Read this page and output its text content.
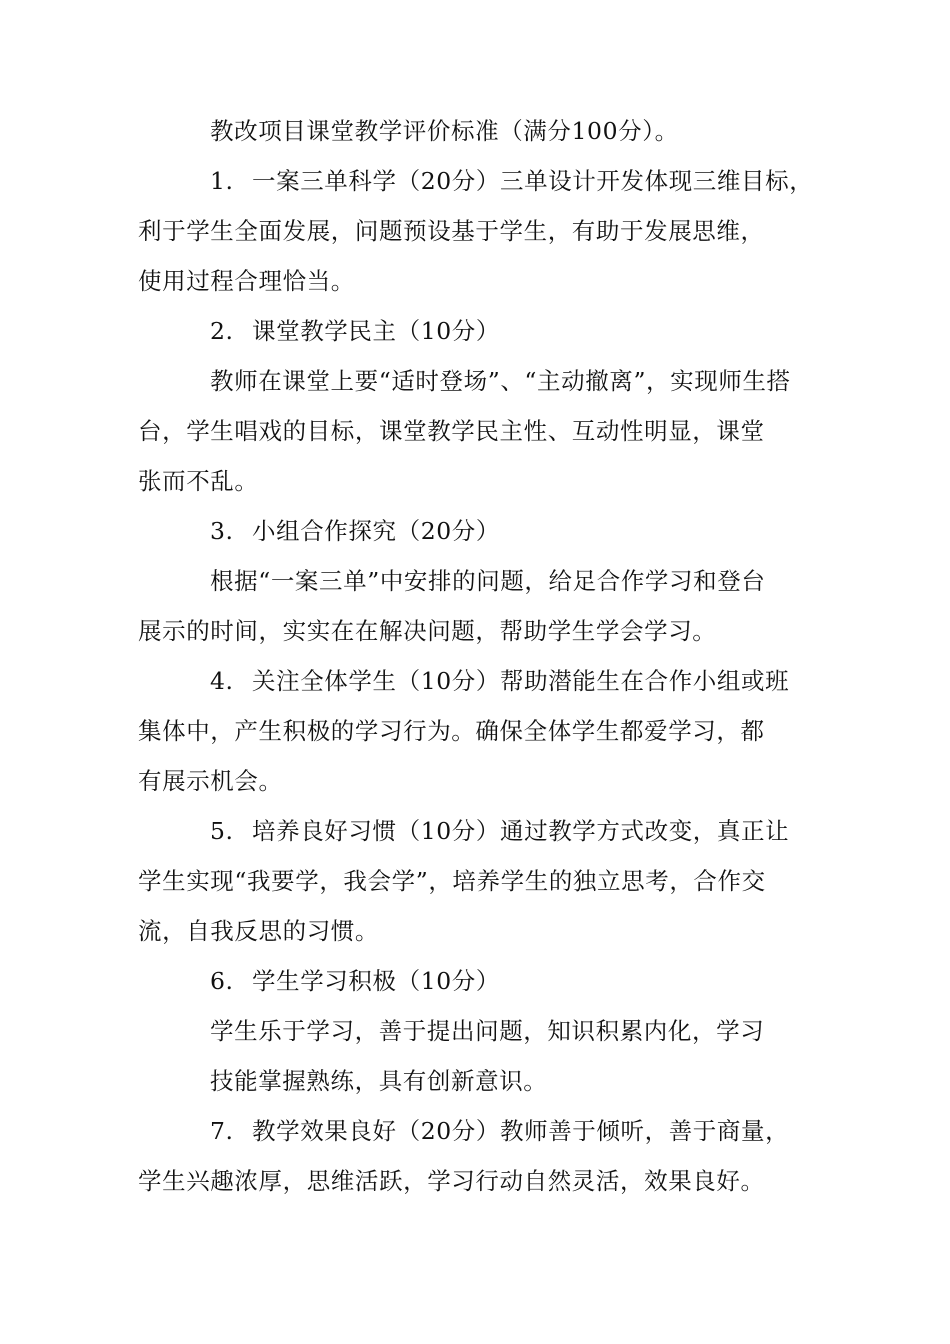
教改项目课堂教学评价标准（满分100分）。
1. 一案三单科学（20分）三单设计开发体现三维目标，
利于学生全面发展，问题预设基于学生，有助于发展思维，
使用过程合理恰当。
2. 课堂教学民主（10分）
教师在课堂上要“适时登场”、“主动撤离”，实现师生搭
台，学生唱戏的目标，课堂教学民主性、互动性明显，课堂
张而不乱。
3. 小组合作探究（20分）
根据“一案三单”中安排的问题，给足合作学习和登台
展示的时间，实实在在解决问题，帮助学生学会学习。
4. 关注全体学生（10分）帮助潜能生在合作小组或班
集体中，产生积极的学习行为。确保全体学生都爱学习，都
有展示机会。
5. 培养良好习惯（10分）通过教学方式改变，真正让
学生实现“我要学，我会学”，培养学生的独立思考，合作交
流，自我反思的习惯。
6. 学生学习积极（10分）
学生乐于学习，善于提出问题，知识积累内化，学习
技能掌握熟练，具有创新意识。
7. 教学效果良好（20分）教师善于倾听，善于商量，
学生兴趣浓厚，思维活跃，学习行动自然灵活，效果良好。
